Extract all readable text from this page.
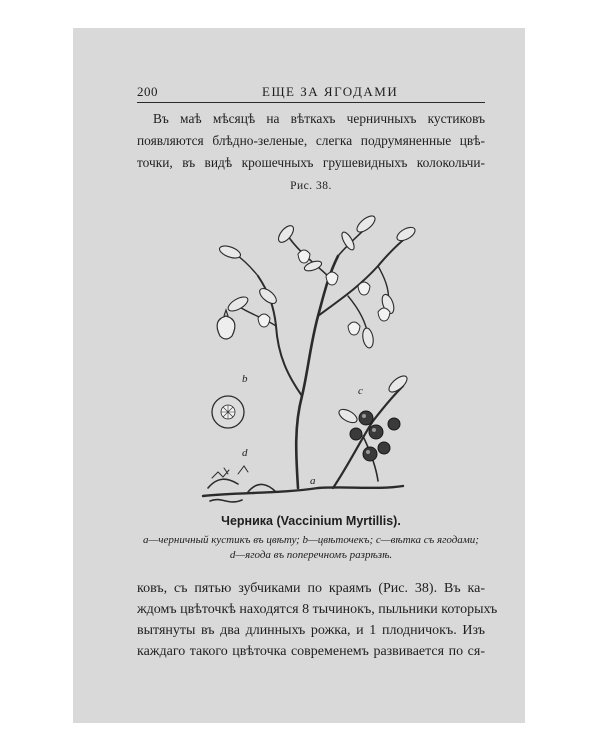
200	ЕЩЕ ЗА ЯГОДАМИ
Въ маѣ мѣсяцѣ на вѣткахъ черничныхъ кустиковъ
появляются блѣдно-зеленые, слегка подрумяненные цвѣ-
точки, въ видѣ крошечныхъ грушевидныхъ колокольчи-
Рис. 38.
b
d
c
a
Черника (Vaccinium Myrtillis).
a—черничный кустикъ въ цвѣту; b—цвѣточекъ; c—вѣтка съ ягодами;
d—ягода въ поперечномъ разрѣзѣ.
ковъ, съ пятью зубчиками по краямъ (Рис. 38). Въ ка-
ждомъ цвѣточкѣ находятся 8 тычинокъ, пыльники которыхъ
вытянуты въ два длинныхъ рожка, и 1 плодничокъ. Изъ
каждаго такого цвѣточка современемъ развивается по ся-
